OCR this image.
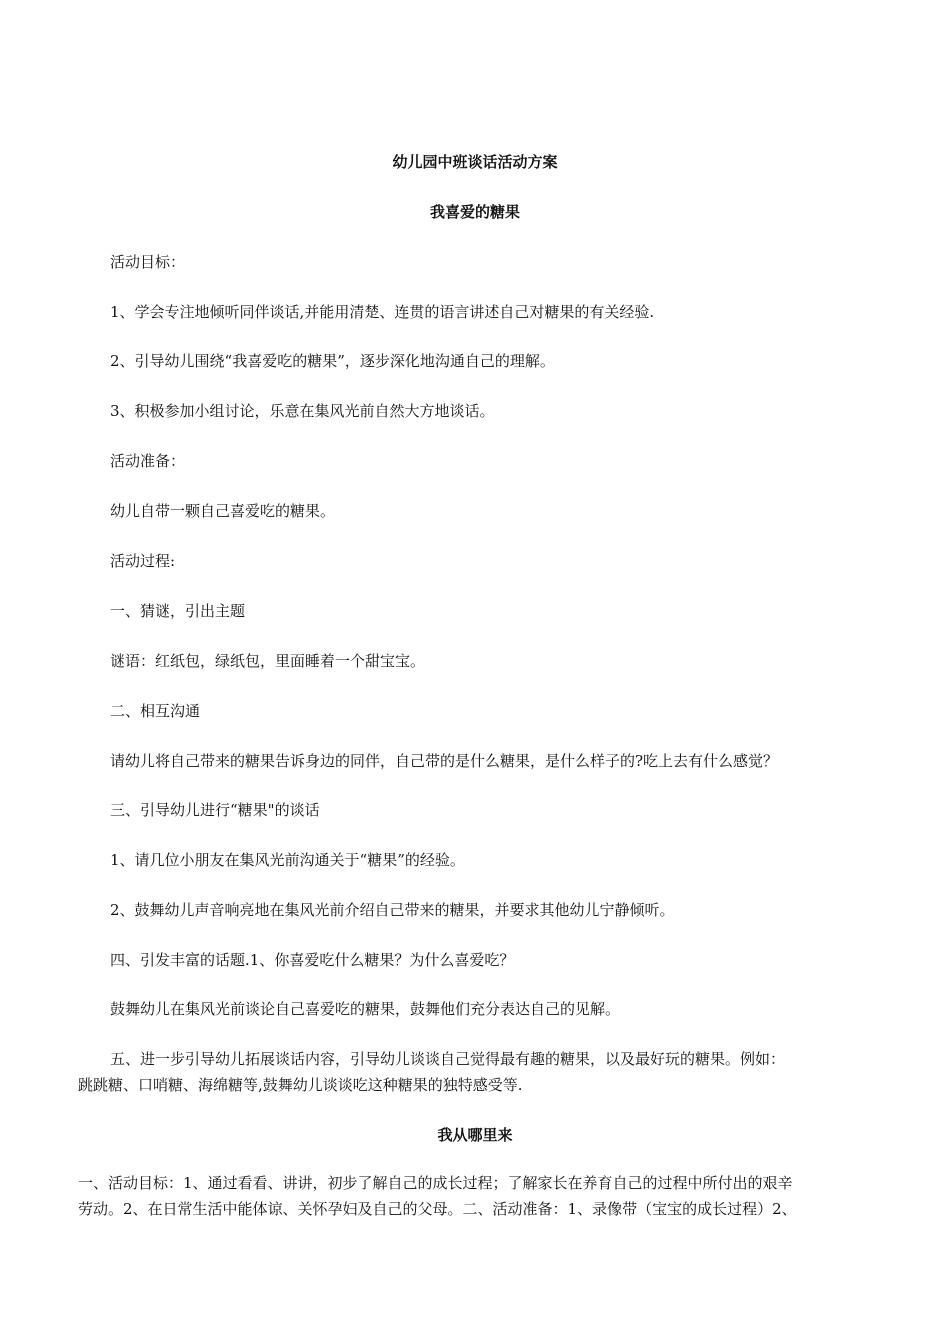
幼儿园中班谈话活动方案
我喜爱的糖果
活动目标：
1、学会专注地倾听同伴谈话,并能用清楚、连贯的语言讲述自己对糖果的有关经验.
2、引导幼儿围绕“我喜爱吃的糖果”，逐步深化地沟通自己的理解。
3、积极参加小组讨论，乐意在集风光前自然大方地谈话。
活动准备：
幼儿自带一颗自己喜爱吃的糖果。
活动过程:
一、猜谜，引出主题
谜语：红纸包，绿纸包，里面睡着一个甜宝宝。
二、相互沟通
请幼儿将自己带来的糖果告诉身边的同伴，自己带的是什么糖果，是什么样子的?吃上去有什么感觉？
三、引导幼儿进行“糖果"的谈话
1、请几位小朋友在集风光前沟通关于“糖果”的经验。
2、鼓舞幼儿声音响亮地在集风光前介绍自己带来的糖果，并要求其他幼儿宁静倾听。
四、引发丰富的话题.1、你喜爱吃什么糖果？为什么喜爱吃？
鼓舞幼儿在集风光前谈论自己喜爱吃的糖果，鼓舞他们充分表达自己的见解。
五、进一步引导幼儿拓展谈话内容，引导幼儿谈谈自己觉得最有趣的糖果，以及最好玩的糖果。例如：
跳跳糖、口哨糖、海绵糖等,鼓舞幼儿谈谈吃这种糖果的独特感受等.
我从哪里来
一、活动目标：1、通过看看、讲讲，初步了解自己的成长过程；了解家长在养育自己的过程中所付出的艰辛
劳动。2、在日常生活中能体谅、关怀孕妇及自己的父母。二、活动准备：1、录像带（宝宝的成长过程）2、
